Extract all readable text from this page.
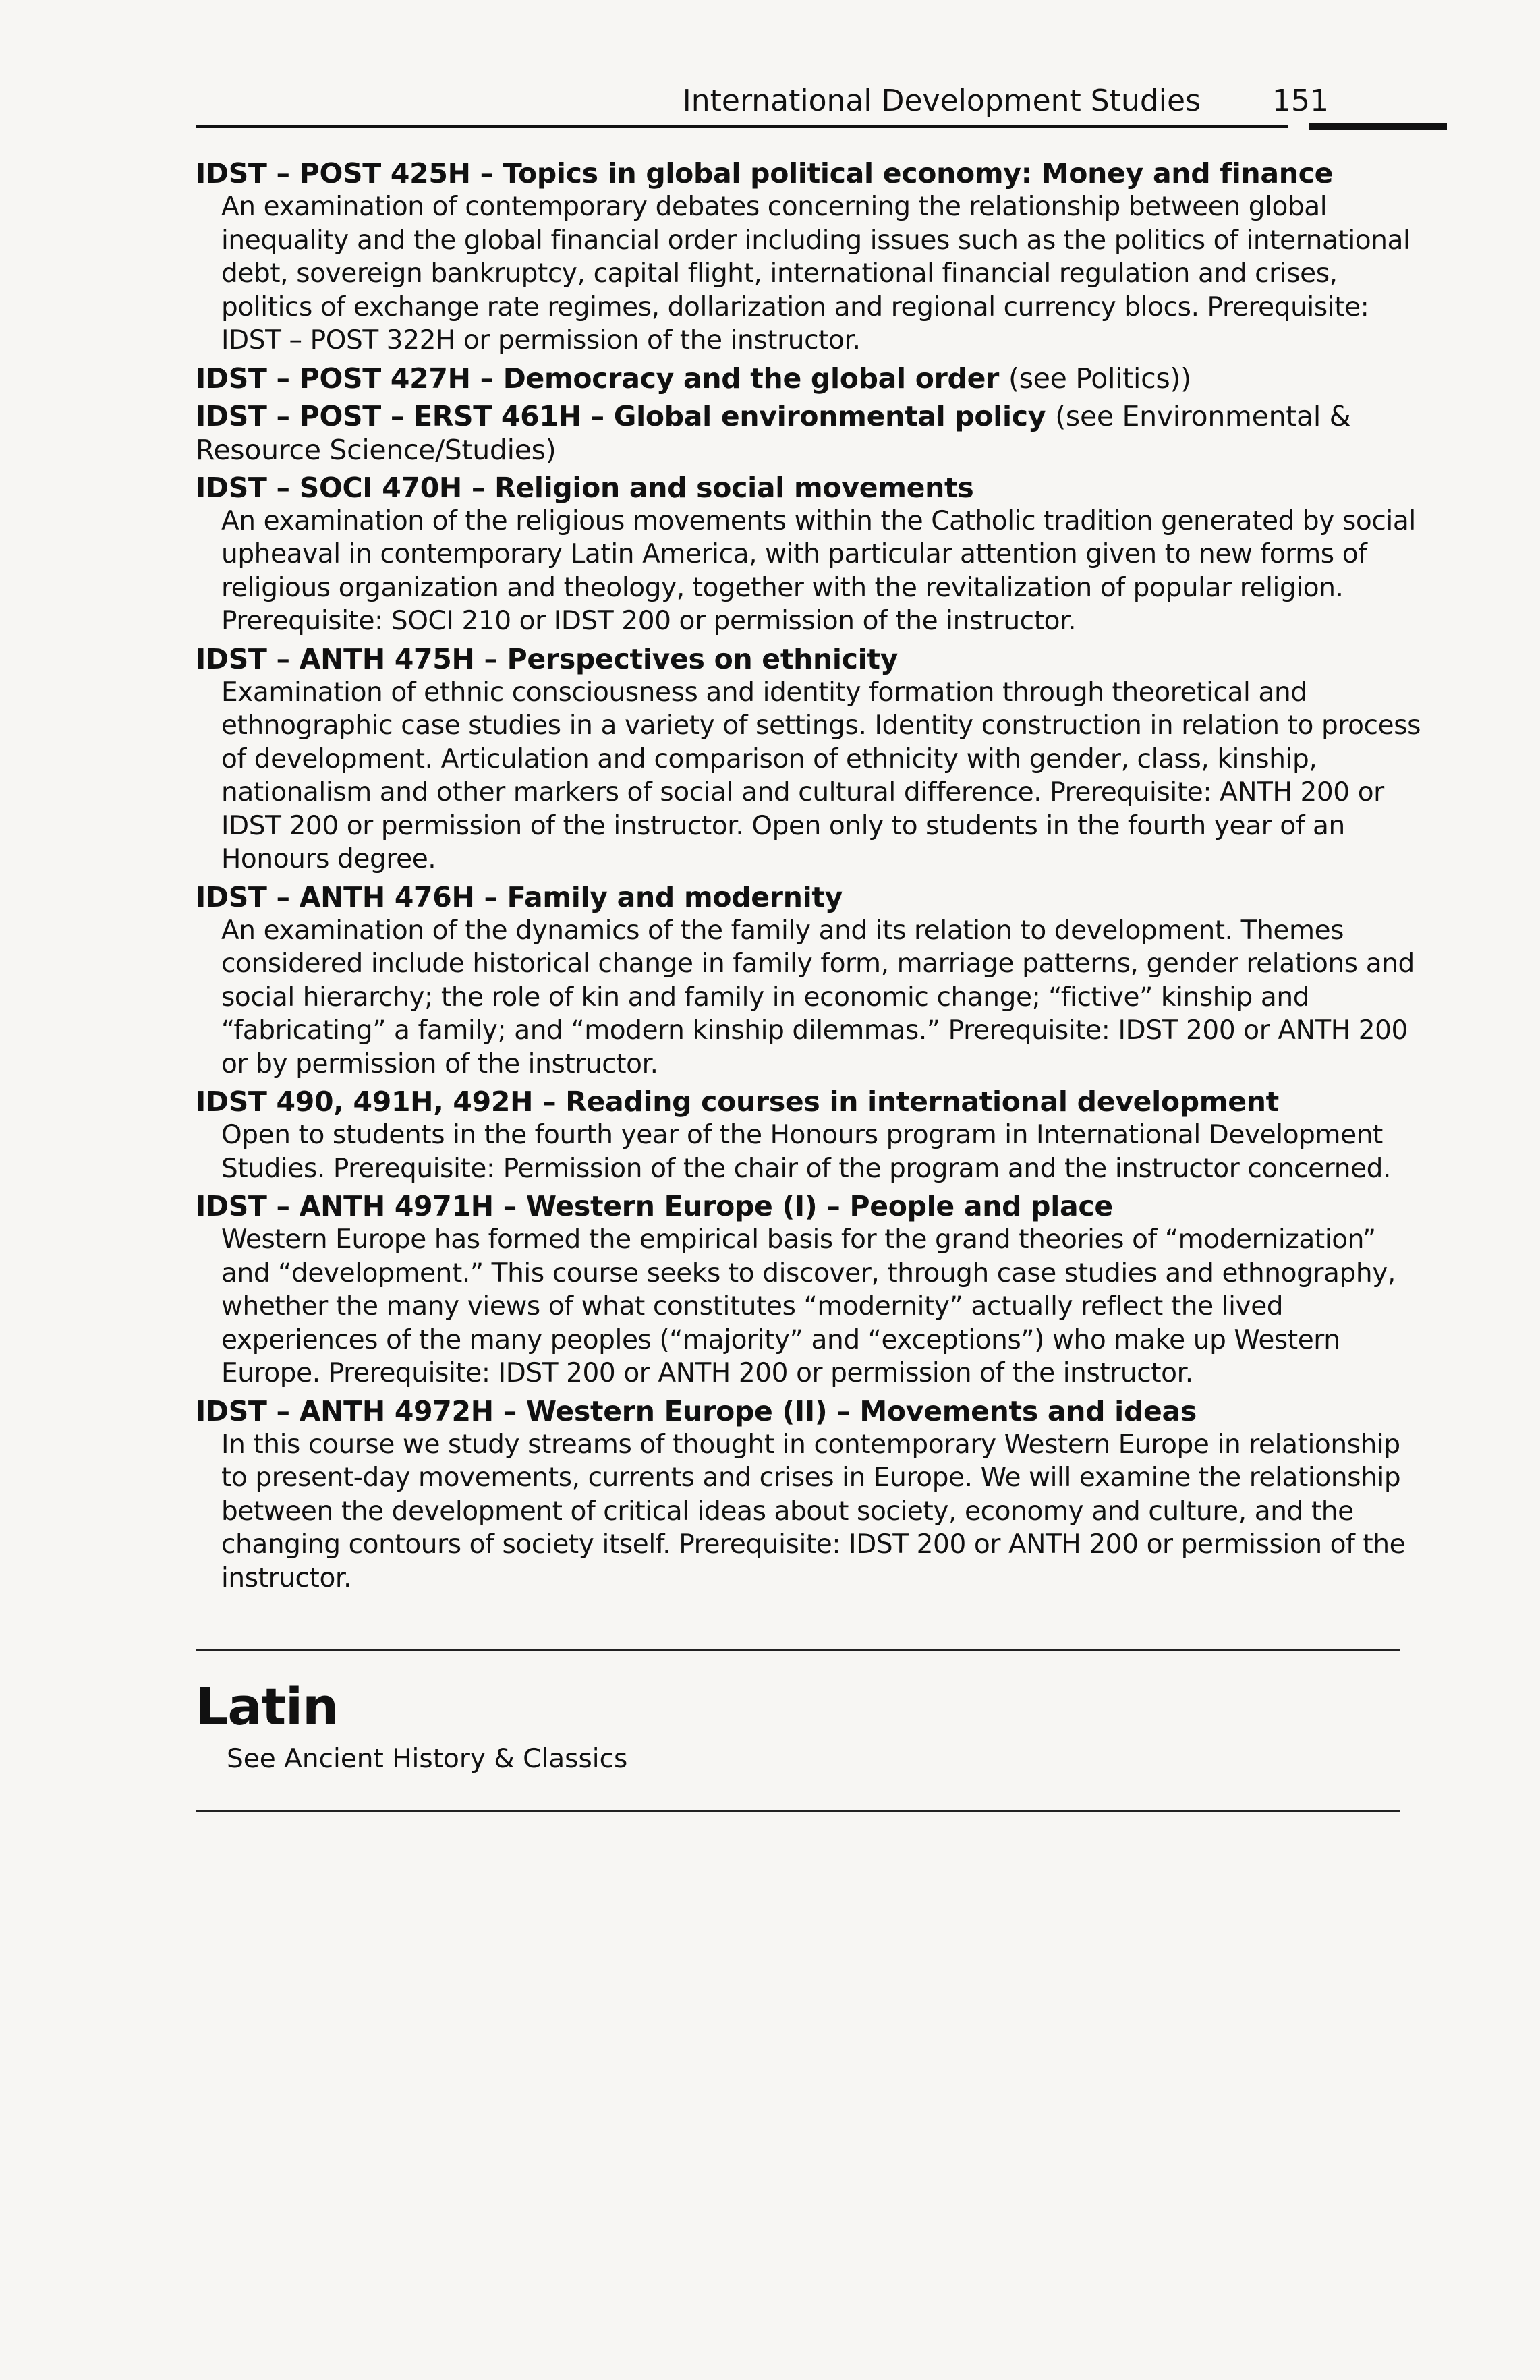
International Development Studies 151
IDST – POST 425H – Topics in global political economy: Money and finance
An examination of contemporary debates concerning the relationship between global inequality and the global financial order including issues such as the politics of international debt, sovereign bankruptcy, capital flight, international financial regulation and crises, politics of exchange rate regimes, dollarization and regional currency blocs. Prerequisite: IDST – POST 322H or permission of the instructor.
IDST – POST 427H – Democracy and the global order (see Politics))
IDST – POST – ERST 461H – Global environmental policy (see Environmental & Resource Science/Studies)
IDST – SOCI 470H – Religion and social movements
An examination of the religious movements within the Catholic tradition generated by social upheaval in contemporary Latin America, with particular attention given to new forms of religious organization and theology, together with the revitalization of popular religion. Prerequisite: SOCI 210 or IDST 200 or permission of the instructor.
IDST – ANTH 475H – Perspectives on ethnicity
Examination of ethnic consciousness and identity formation through theoretical and ethnographic case studies in a variety of settings. Identity construction in relation to process of development. Articulation and comparison of ethnicity with gender, class, kinship, nationalism and other markers of social and cultural difference. Prerequisite: ANTH 200 or IDST 200 or permission of the instructor. Open only to students in the fourth year of an Honours degree.
IDST – ANTH 476H – Family and modernity
An examination of the dynamics of the family and its relation to development. Themes considered include historical change in family form, marriage patterns, gender relations and social hierarchy; the role of kin and family in economic change; “fictive” kinship and “fabricating” a family; and “modern kinship dilemmas.” Prerequisite: IDST 200 or ANTH 200 or by permission of the instructor.
IDST 490, 491H, 492H – Reading courses in international development
Open to students in the fourth year of the Honours program in International Development Studies. Prerequisite: Permission of the chair of the program and the instructor concerned.
IDST – ANTH 4971H – Western Europe (I) – People and place
Western Europe has formed the empirical basis for the grand theories of “modernization” and “development.” This course seeks to discover, through case studies and ethnography, whether the many views of what constitutes “modernity” actually reflect the lived experiences of the many peoples (“majority” and “exceptions”) who make up Western Europe. Prerequisite: IDST 200 or ANTH 200 or permission of the instructor.
IDST – ANTH 4972H – Western Europe (II) – Movements and ideas
In this course we study streams of thought in contemporary Western Europe in relationship to present-day movements, currents and crises in Europe. We will examine the relationship between the development of critical ideas about society, economy and culture, and the changing contours of society itself. Prerequisite: IDST 200 or ANTH 200 or permission of the instructor.
Latin
See Ancient History & Classics
